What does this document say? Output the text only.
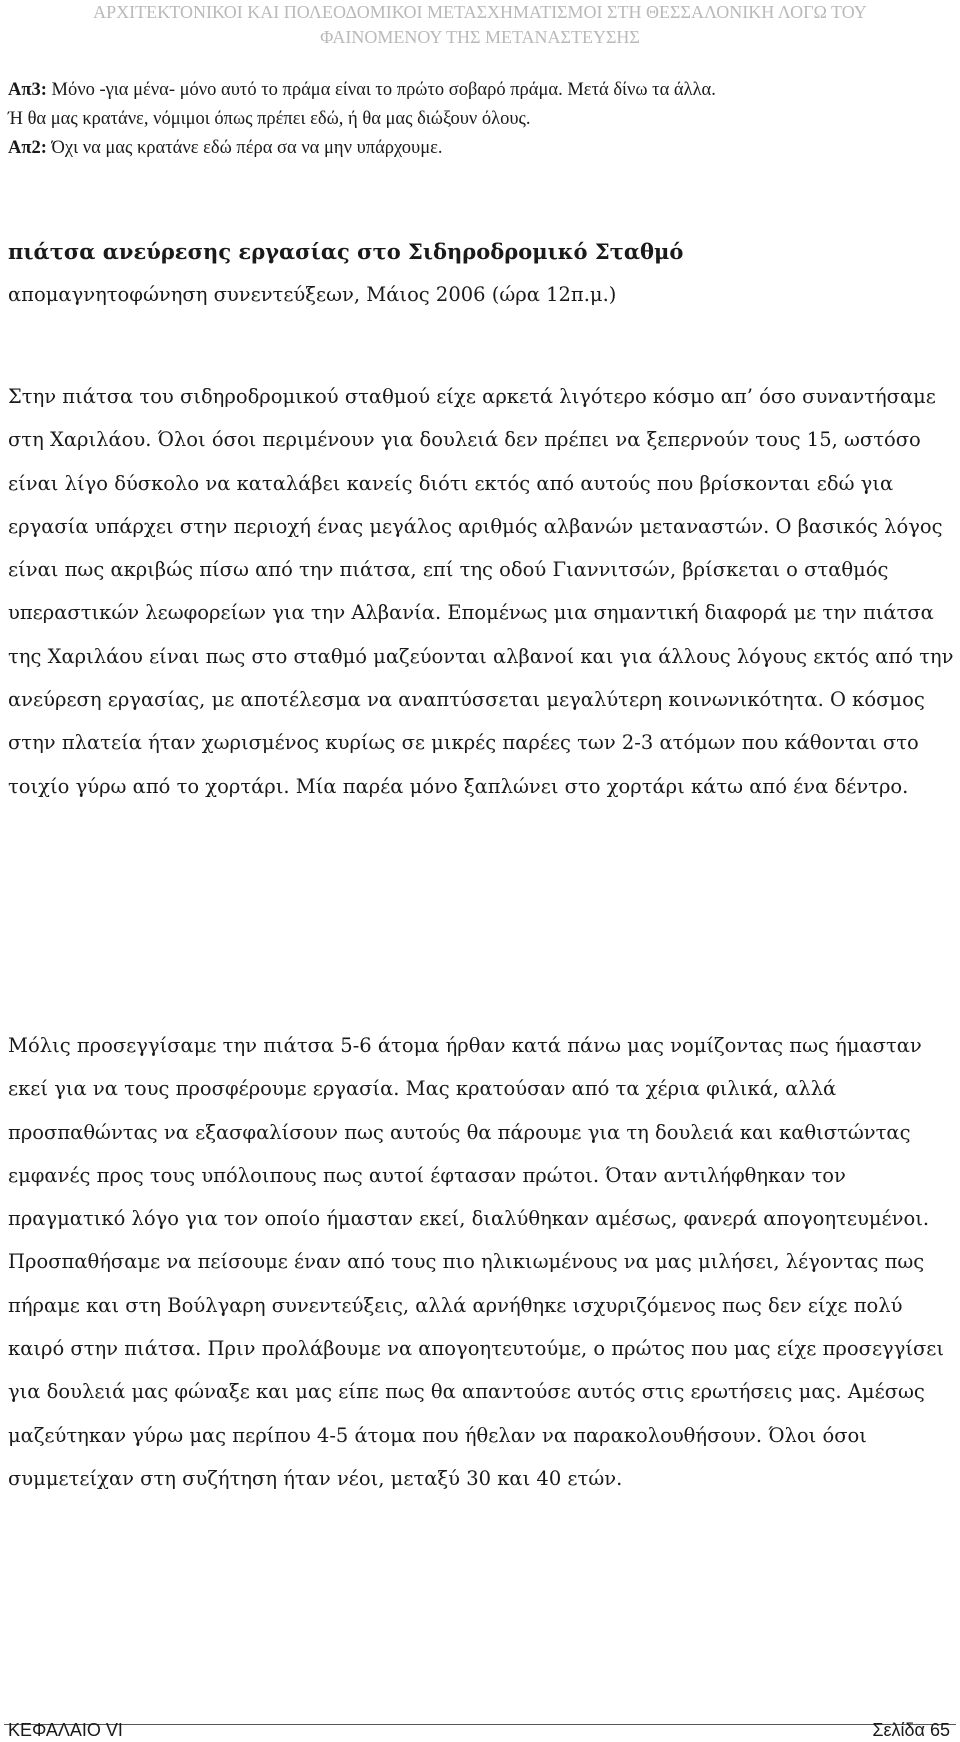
ΑΡΧΙΤΕΚΤΟΝΙΚΟΙ ΚΑΙ ΠΟΛΕΟΔΟΜΙΚΟΙ ΜΕΤΑΣΧΗΜΑΤΙΣΜΟΙ ΣΤΗ ΘΕΣΣΑΛΟΝΙΚΗ ΛΟΓΩ ΤΟΥ
ΦΑΙΝΟΜΕΝΟΥ ΤΗΣ ΜΕΤΑΝΑΣΤΕΥΣΗΣ

Απ3: Μόνο -για μένα- μόνο αυτό το πράμα είναι το πρώτο σοβαρό πράμα. Μετά δίνω τα άλλα.

Ή θα μας κρατάνε, νόμιμοι όπως πρέπει εδώ, ή θα μας διώξουν όλους.

Απ2: Όχι να μας κρατάνε εδώ πέρα σα να μην υπάρχουμε.

πιάτσα ανεύρεσης εργασίας στο Σιδηροδρομικό Σταθμό

απομαγνητοφώνηση συνεντεύξεων, Μάιος 2006 (ώρα 12π.μ.)

Στην πιάτσα του σιδηροδρομικού σταθμού είχε αρκετά λιγότερο κόσμο απ’ όσο συναντήσαμε στη Χαριλάου. Όλοι όσοι περιμένουν για δουλειά δεν πρέπει να ξεπερνούν τους 15, ωστόσο είναι λίγο δύσκολο να καταλάβει κανείς διότι εκτός από αυτούς που βρίσκονται εδώ για εργασία υπάρχει στην περιοχή ένας μεγάλος αριθμός αλβανών μεταναστών. Ο βασικός λόγος είναι πως ακριβώς πίσω από την πιάτσα, επί της οδού Γιαννιτσών, βρίσκεται ο σταθμός υπεραστικών λεωφορείων για την Αλβανία. Επομένως μια σημαντική διαφορά με την πιάτσα της Χαριλάου είναι πως στο σταθμό μαζεύονται αλβανοί και για άλλους λόγους εκτός από την ανεύρεση εργασίας, με αποτέλεσμα να αναπτύσσεται μεγαλύτερη κοινωνικότητα. Ο κόσμος στην πλατεία ήταν χωρισμένος κυρίως σε μικρές παρέες των 2-3 ατόμων που κάθονται στο τοιχίο γύρω από το χορτάρι. Μία παρέα μόνο ξαπλώνει στο χορτάρι κάτω από ένα δέντρο.

Μόλις προσεγγίσαμε την πιάτσα 5-6 άτομα ήρθαν κατά πάνω μας νομίζοντας πως ήμασταν εκεί για να τους προσφέρουμε εργασία. Μας κρατούσαν από τα χέρια φιλικά, αλλά προσπαθώντας να εξασφαλίσουν πως αυτούς θα πάρουμε για τη δουλειά και καθιστώντας εμφανές προς τους υπόλοιπους πως αυτοί έφτασαν πρώτοι. Όταν αντιλήφθηκαν τον πραγματικό λόγο για τον οποίο ήμασταν εκεί, διαλύθηκαν αμέσως, φανερά απογοητευμένοι. Προσπαθήσαμε να πείσουμε έναν από τους πιο ηλικιωμένους να μας μιλήσει, λέγοντας πως πήραμε και στη Βούλγαρη συνεντεύξεις, αλλά αρνήθηκε ισχυριζόμενος πως δεν είχε πολύ καιρό στην πιάτσα. Πριν προλάβουμε να απογοητευτούμε, ο πρώτος που μας είχε προσεγγίσει για δουλειά μας φώναξε και μας είπε πως θα απαντούσε αυτός στις ερωτήσεις μας. Αμέσως μαζεύτηκαν γύρω μας περίπου 4-5 άτομα που ήθελαν να παρακολουθήσουν. Όλοι όσοι συμμετείχαν στη συζήτηση ήταν νέοι, μεταξύ 30 και 40 ετών.

ΚΕΦΑΛΑΙΟ VI	Σελίδα 65
